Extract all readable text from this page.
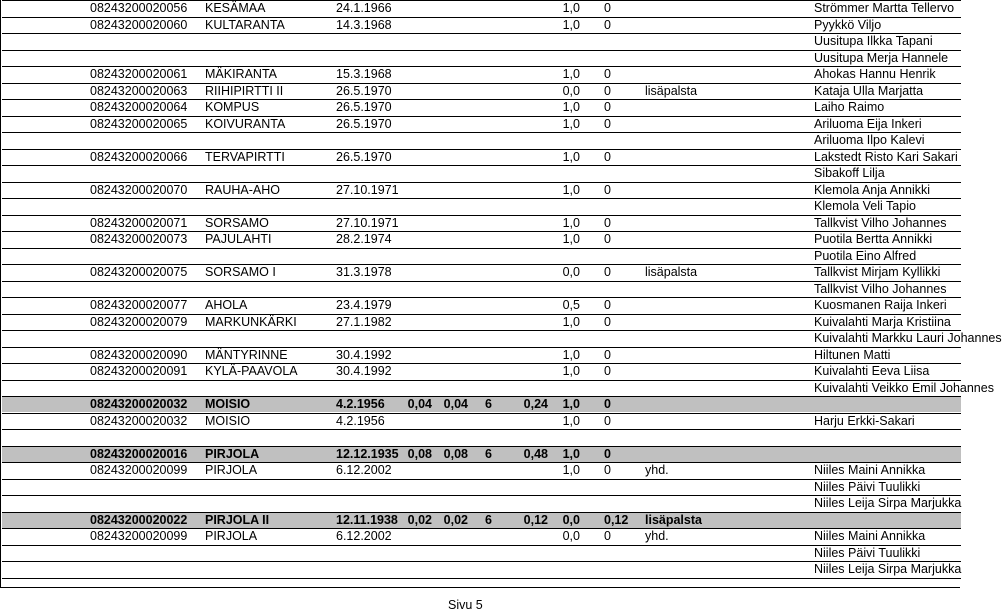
08243200020056	KESÄMAA	24.1.1966	1,0 0	Strömmer Martta Tellervo
08243200020060	KULTARANTA	14.3.1968	1,0 0	Pyykkö Viljo
Uusitupa Ilkka Tapani
Uusitupa Merja Hannele
08243200020061	MÄKIRANTA	15.3.1968	1,0 0	Ahokas Hannu Henrik
08243200020063	RIIHIPIRTTI II	26.5.1970	0,0 0	lisäpalsta	Kataja Ulla Marjatta
08243200020064	KOMPUS	26.5.1970	1,0 0	Laiho Raimo
08243200020065	KOIVURANTA	26.5.1970	1,0 0	Ariluoma Eija Inkeri
Ariluoma Ilpo Kalevi
08243200020066	TERVAPIRTTI	26.5.1970	1,0 0	Lakstedt Risto Kari Sakari
Sibakoff Lilja
08243200020070	RAUHA-AHO	27.10.1971	1,0 0	Klemola Anja Annikki
Klemola Veli Tapio
08243200020071	SORSAMO	27.10.1971	1,0 0	Tallkvist Vilho Johannes
08243200020073	PAJULAHTI	28.2.1974	1,0 0	Puotila Bertta Annikki
Puotila Eino Alfred
08243200020075	SORSAMO I	31.3.1978	0,0 0	lisäpalsta	Tallkvist Mirjam Kyllikki
Tallkvist Vilho Johannes
08243200020077	AHOLA	23.4.1979	0,5 0	Kuosmanen Raija Inkeri
08243200020079	MARKUNKÄRKI	27.1.1982	1,0 0	Kuivalahti Marja Kristiina
Kuivalahti Markku Lauri Johannes
08243200020090	MÄNTYRINNE	30.4.1992	1,0 0	Hiltunen Matti
08243200020091	KYLÄ-PAAVOLA	30.4.1992	1,0 0	Kuivalahti Eeva Liisa
Kuivalahti Veikko Emil Johannes
08243200020032	MOISIO	4.2.1956	0,04 0,04	6	0,24	1,0 0
08243200020032	MOISIO	4.2.1956	1,0 0	Harju Erkki-Sakari
08243200020016	PIRJOLA	12.12.1935 0,08 0,08	6	0,48	1,0 0
08243200020099	PIRJOLA	6.12.2002	1,0 0	yhd.	Niiles Maini Annikka
Niiles Päivi Tuulikki
Niiles Leija Sirpa Marjukka
08243200020022	PIRJOLA II	12.11.1938 0,02 0,02	6	0,12	0,0 0,12	lisäpalsta
08243200020099	PIRJOLA	6.12.2002	0,0 0	yhd.	Niiles Maini Annikka
Niiles Päivi Tuulikki
Niiles Leija Sirpa Marjukka
Sivu 5
